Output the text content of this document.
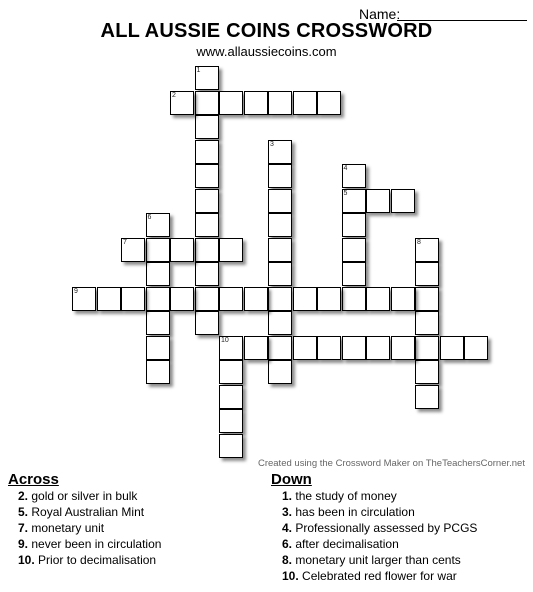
Name:
ALL AUSSIE COINS CROSSWORD
www.allaussiecoins.com
1
2
3
4
5
6
7	8
9
10
Created using the Crossword Maker on TheTeachersCorner.net
Across	Down
2. gold or silver in bulk
5. Royal Australian Mint
7. monetary unit
9. never been in circulation
10. Prior to decimalisation
1. the study of money
3. has been in circulation
4. Professionally assessed by PCGS
6. after decimalisation
8. monetary unit larger than cents
10. Celebrated red flower for war
